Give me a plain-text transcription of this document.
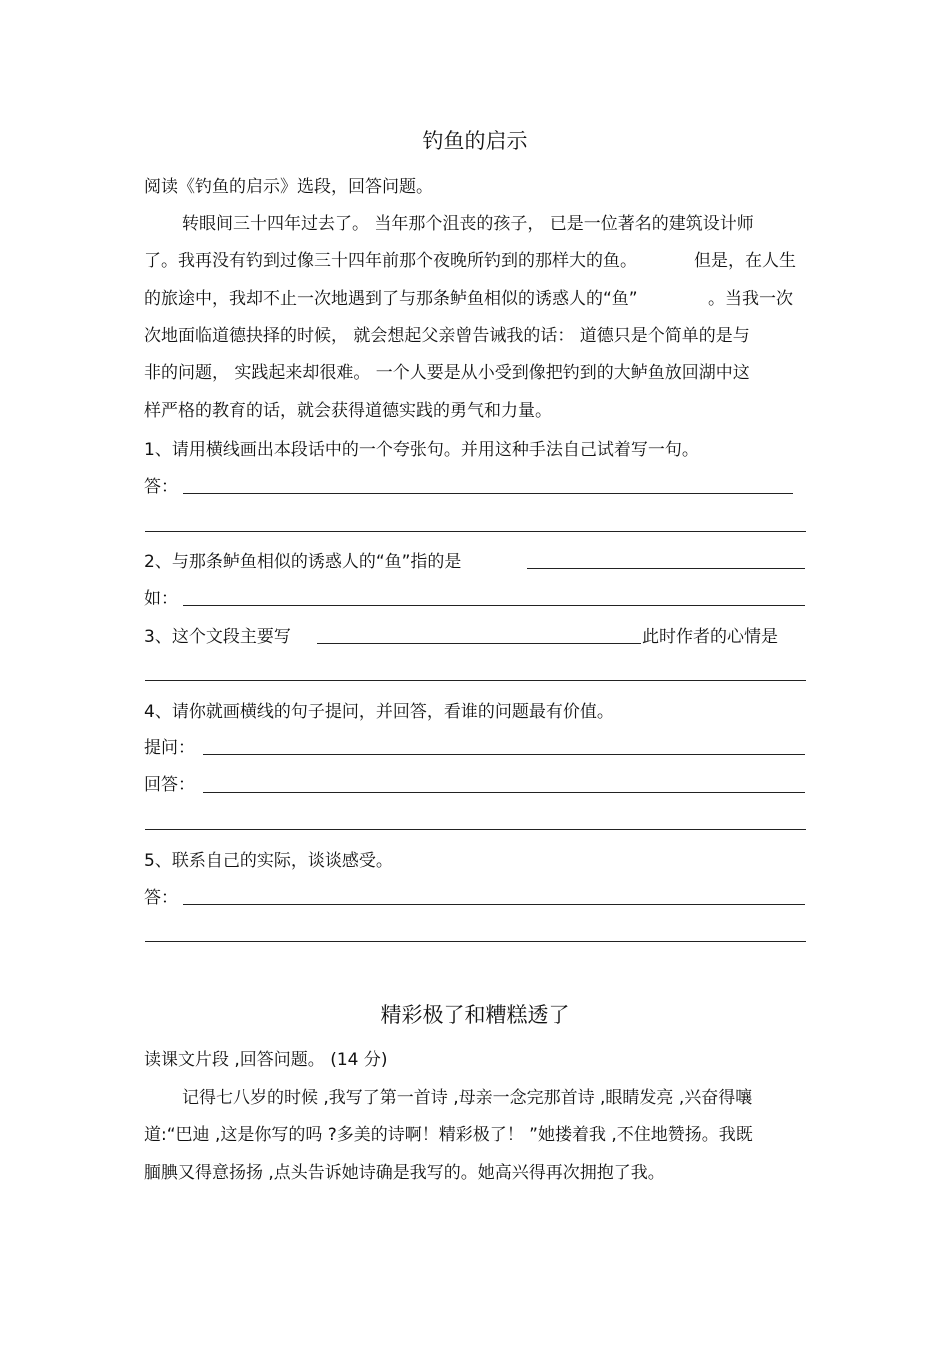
钓鱼的启示
阅读《钓鱼的启示》选段，回答问题。
转眼间三十四年过去了。 当年那个沮丧的孩子， 已是一位著名的建筑设计师
了。我再没有钓到过像三十四年前那个夜晚所钓到的那样大的鱼。	但是，在人生
的旅途中，我却不止一次地遇到了与那条鲈鱼相似的诱惑人的“鱼”	。当我一次
次地面临道德抉择的时候， 就会想起父亲曾告诫我的话： 道德只是个简单的是与
非的问题， 实践起来却很难。 一个人要是从小受到像把钓到的大鲈鱼放回湖中这
样严格的教育的话，就会获得道德实践的勇气和力量。
1、请用横线画出本段话中的一个夸张句。并用这种手法自己试着写一句。
答：
2、与那条鲈鱼相似的诱惑人的“鱼”指的是
如：
3、这个文段主要写	此时作者的心情是
4、请你就画横线的句子提问，并回答，看谁的问题最有价值。
提问：
回答：
5、联系自己的实际，谈谈感受。
答：
精彩极了和糟糕透了
读课文片段 ,回答问题。 (14 分)
记得七八岁的时候 ,我写了第一首诗 ,母亲一念完那首诗 ,眼睛发亮 ,兴奋得嚷
道:“巴迪 ,这是你写的吗 ?多美的诗啊！精彩极了！ ”她搂着我 ,不住地赞扬。我既
腼腆又得意扬扬 ,点头告诉她诗确是我写的。她高兴得再次拥抱了我。
